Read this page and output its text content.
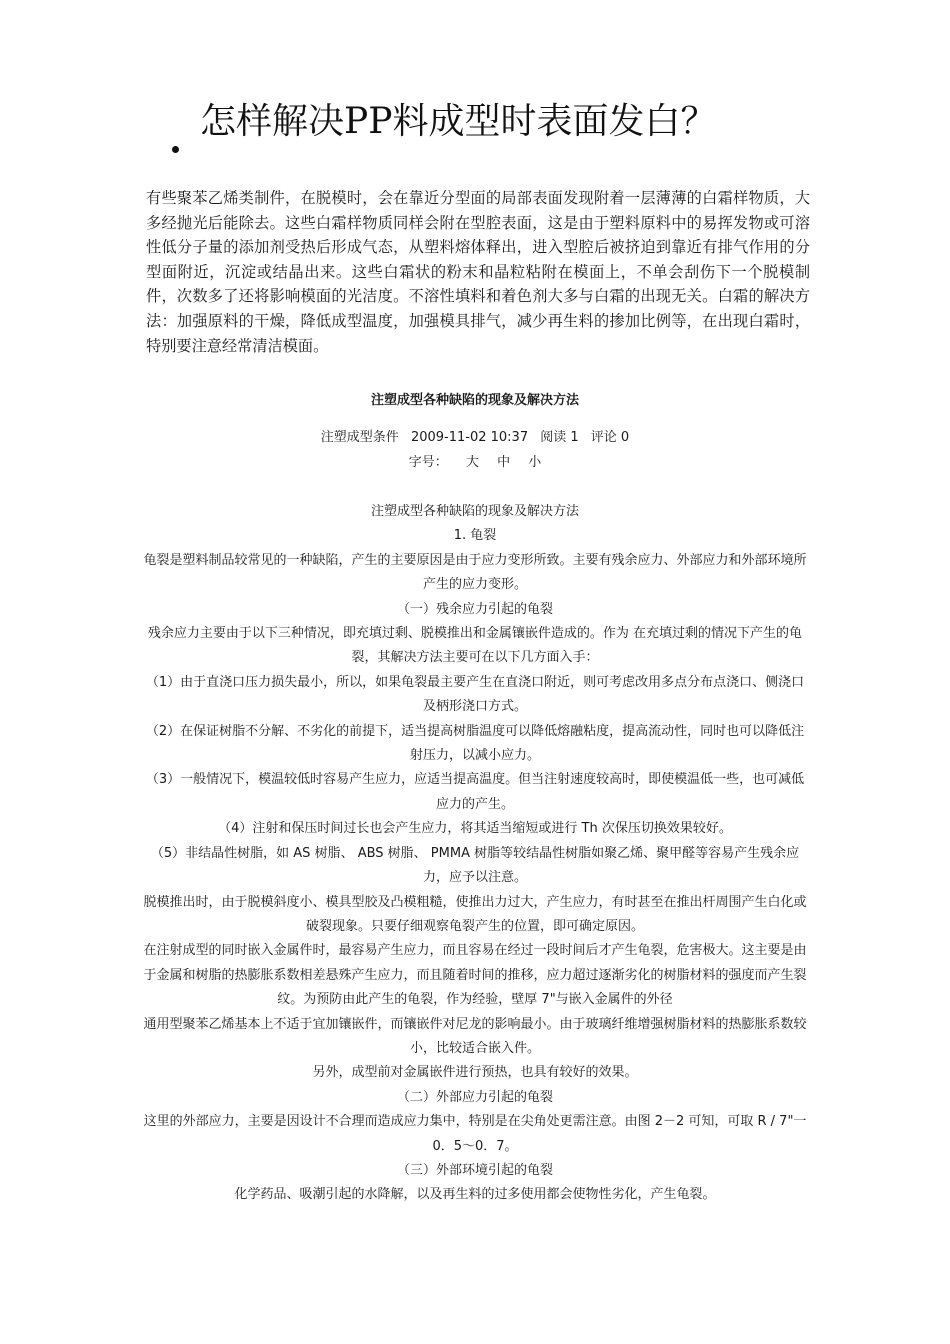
怎样解决PP料成型时表面发白？

有些聚苯乙烯类制件，在脱模时，会在靠近分型面的局部表面发现附着一层薄薄的白霜样物质，大多经抛光后能除去。这些白霜样物质同样会附在型腔表面，这是由于塑料原料中的易挥发物或可溶性低分子量的添加剂受热后形成气态，从塑料熔体释出，进入型腔后被挤迫到靠近有排气作用的分型面附近，沉淀或结晶出来。这些白霜状的粉末和晶粒粘附在模面上，不单会刮伤下一个脱模制件，次数多了还将影响模面的光洁度。不溶性填料和着色剂大多与白霜的出现无关。白霜的解决方法：加强原料的干燥，降低成型温度，加强模具排气，减少再生料的掺加比例等，在出现白霜时，特别要注意经常清洁模面。

注塑成型各种缺陷的现象及解决方法
注塑成型条件 2009-11-02 10:37 阅读 1 评论 0
字号： 大 中 小

注塑成型各种缺陷的现象及解决方法

1. 龟裂

龟裂是塑料制品较常见的一种缺陷，产生的主要原因是由于应力变形所致。主要有残余应力、外部应力和外部环境所产生的应力变形。

（一）残余应力引起的龟裂

残余应力主要由于以下三种情况，即充填过剩、脱模推出和金属镶嵌件造成的。作为 在充填过剩的情况下产生的龟裂，其解决方法主要可在以下几方面入手：

（1）由于直浇口压力损失最小，所以，如果龟裂最主要产生在直浇口附近，则可考虑改用多点分布点浇口、侧浇口及柄形浇口方式。

（2）在保证树脂不分解、不劣化的前提下，适当提高树脂温度可以降低熔融粘度，提高流动性，同时也可以降低注射压力，以减小应力。

（3）一般情况下，模温较低时容易产生应力，应适当提高温度。但当注射速度较高时，即使模温低一些，也可减低应力的产生。

（4）注射和保压时间过长也会产生应力，将其适当缩短或进行 Th 次保压切换效果较好。

（5）非结晶性树脂，如 AS 树脂、 ABS 树脂、 PMMA 树脂等较结晶性树脂如聚乙烯、聚甲醛等容易产生残余应力，应予以注意。

脱模推出时，由于脱模斜度小、模具型胶及凸模粗糙，使推出力过大，产生应力，有时甚至在推出杆周围产生白化或破裂现象。只要仔细观察龟裂产生的位置，即可确定原因。

在注射成型的同时嵌入金属件时，最容易产生应力，而且容易在经过一段时间后才产生龟裂，危害极大。这主要是由于金属和树脂的热膨胀系数相差悬殊产生应力，而且随着时间的推移，应力超过逐渐劣化的树脂材料的强度而产生裂纹。为预防由此产生的龟裂，作为经验，壁厚 7"与嵌入金属件的外径

通用型聚苯乙烯基本上不适于宜加镶嵌件，而镶嵌件对尼龙的影响最小。由于玻璃纤维增强树脂材料的热膨胀系数较小，比较适合嵌入件。

另外，成型前对金属嵌件进行预热，也具有较好的效果。

（二）外部应力引起的龟裂

这里的外部应力，主要是因设计不合理而造成应力集中，特别是在尖角处更需注意。由图 2－2 可知，可取 R / 7"一 0．5～0．7。

（三）外部环境引起的龟裂

化学药品、吸潮引起的水降解，以及再生料的过多使用都会使物性劣化，产生龟裂。
